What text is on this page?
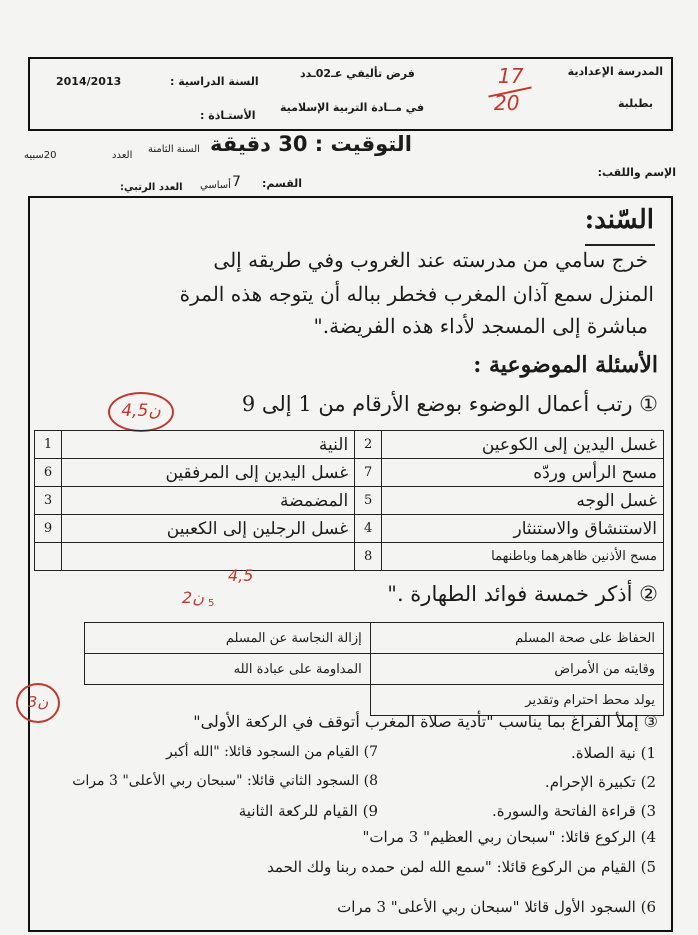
المدرسة الإعدادية
بطبلبة
فرض تأليفي عـ02ـدد
في مــادة التربية الإسلامية
السنة الدراسية :
2014/2013
الأستـاذة :
17
20
التوقيت : 30 دقيقة
السنة الثامنة
20سبيه	العدد
الإسم واللقب:
القسم:
7
أساسي
العدد الرتبي:
السّند:
خرج سامي من مدرسته عند الغروب وفي طريقه إلى
المنزل سمع آذان المغرب فخطر بباله أن يتوجه هذه المرة
مباشرة إلى المسجد لأداء هذه الفريضة."
الأسئلة الموضوعية :
① رتب أعمال الوضوء بوضع الأرقام من 1 إلى 9
4,5ن
1	النية	2	غسل اليدين إلى الكوعين
6	غسل اليدين إلى المرفقين	7	مسح الرأس وردّه
3	المضمضة	5	غسل الوجه
9	غسل الرجلين إلى الكعبين	4	الاستنشاق والاستنثار
		8	مسح الأذنين ظاهرهما وباطنهما
4,5
② أذكر خمسة فوائد الطهارة ."
2ن 5
إزالة النجاسة عن المسلم	الحفاظ على صحة المسلم
المداومة على عبادة الله	وقايته من الأمراض
	يولد محط احترام وتقدير
3ن
③ إملأ الفراغ بما يناسب "تأدية صلاة المغرب أتوقف في الركعة الأولى"
1) نية الصلاة.
2) تكبيرة الإحرام.
3) قراءة الفاتحة والسورة.
4) الركوع قائلا: "سبحان ربي العظيم" 3 مرات"
5) القيام من الركوع قائلا: "سمع الله لمن حمده ربنا ولك الحمد
6) السجود الأول قائلا "سبحان ربي الأعلى" 3 مرات
7) القيام من السجود قائلا: "الله أكبر
8) السجود الثاني قائلا: "سبحان ربي الأعلى" 3 مرات
9) القيام للركعة الثانية
